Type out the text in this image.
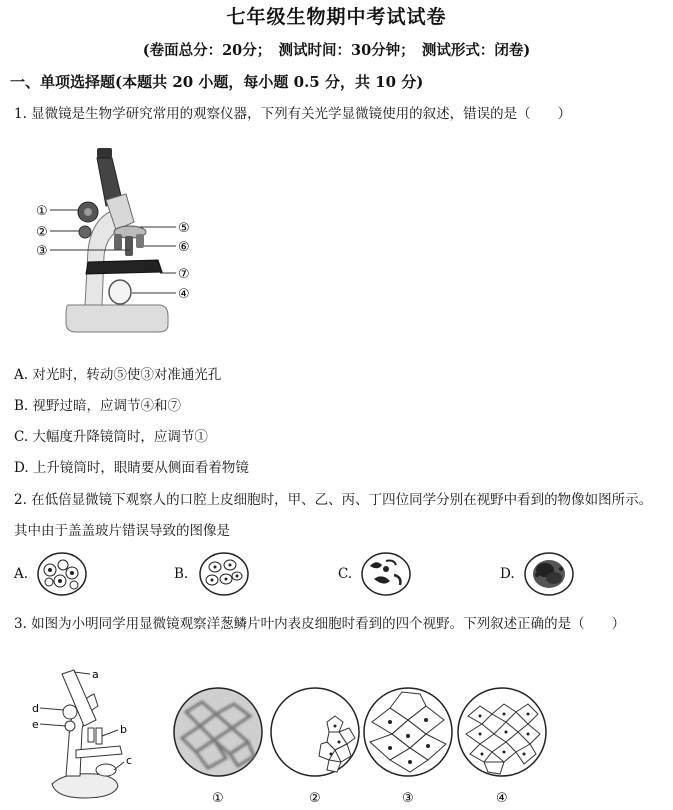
七年级生物期中考试试卷
(卷面总分：20分；　测试时间：30分钟；　测试形式：闭卷)
一、单项选择题(本题共 20 小题，每小题 0.5 分，共 10 分)
1. 显微镜是生物学研究常用的观察仪器，下列有关光学显微镜使用的叙述，错误的是（　　）
①
②
③
④
⑤
⑥
⑦
A. 对光时，转动⑤使③对准通光孔
B. 视野过暗，应调节④和⑦
C. 大幅度升降镜筒时，应调节①
D. 上升镜筒时，眼睛要从侧面看着物镜
2. 在低倍显微镜下观察人的口腔上皮细胞时，甲、乙、丙、丁四位同学分别在视野中看到的物像如图所示。
其中由于盖盖玻片错误导致的图像是
A.	B.	C.	D.
3. 如图为小明同学用显微镜观察洋葱鳞片叶内表皮细胞时看到的四个视野。下列叙述正确的是（　　）
a
b
c
d
e
①	②	③	④
